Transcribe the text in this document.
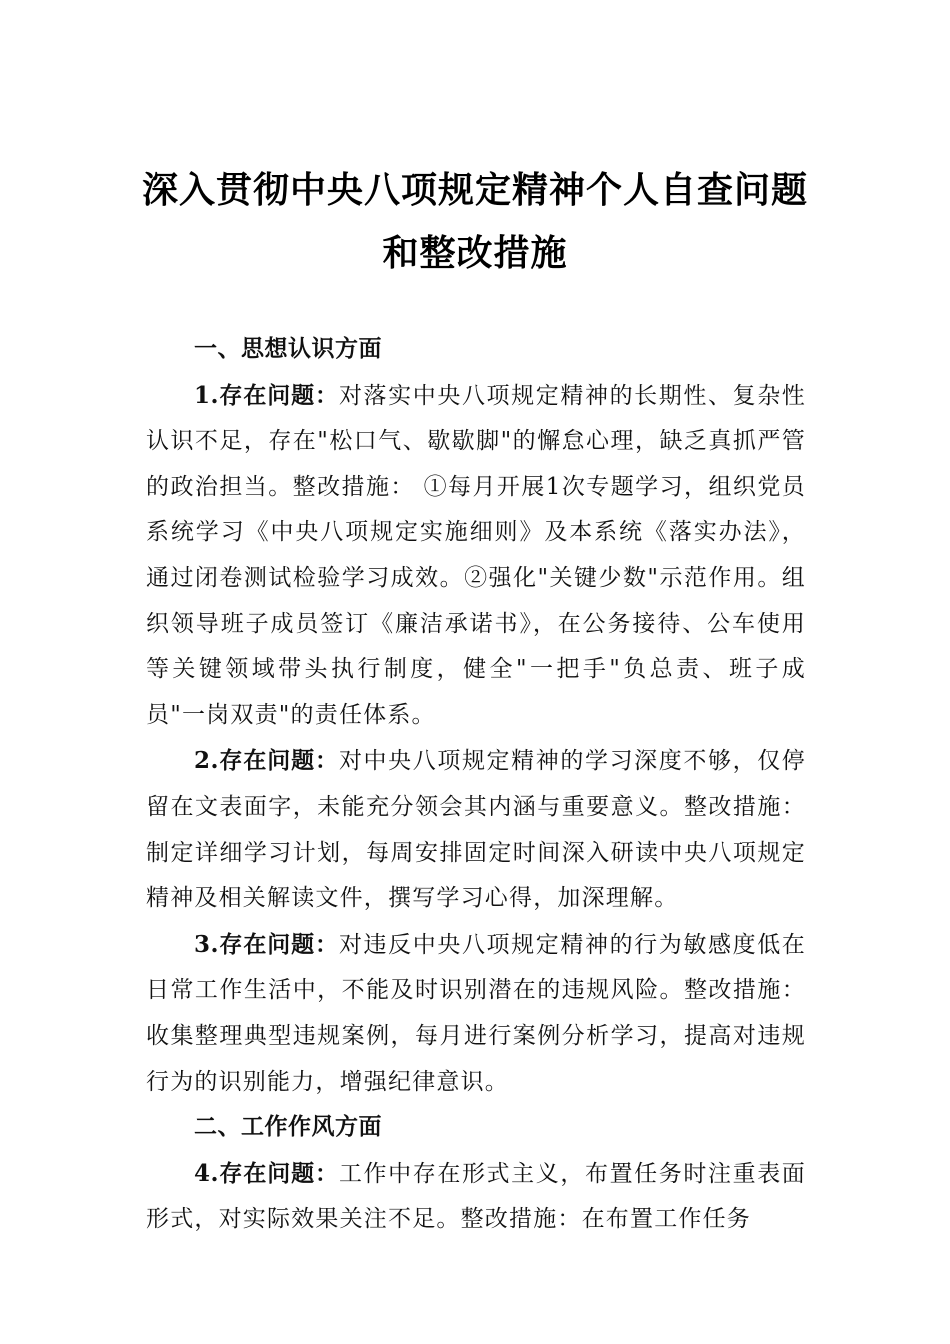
深入贯彻中央八项规定精神个人自查问题
和整改措施

一、思想认识方面

1.存在问题：对落实中央八项规定精神的长期性、复杂性认识不足，存在"松口气、歇歇脚"的懈怠心理，缺乏真抓严管的政治担当。整改措施： ①每月开展1次专题学习，组织党员系统学习《中央八项规定实施细则》及本系统《落实办法》，通过闭卷测试检验学习成效。②强化"关键少数"示范作用。组织领导班子成员签订《廉洁承诺书》，在公务接待、公车使用等关键领域带头执行制度，健全"一把手"负总责、班子成员"一岗双责"的责任体系。

2.存在问题：对中央八项规定精神的学习深度不够，仅停留在文表面字，未能充分领会其内涵与重要意义。整改措施：制定详细学习计划，每周安排固定时间深入研读中央八项规定精神及相关解读文件，撰写学习心得，加深理解。

3.存在问题：对违反中央八项规定精神的行为敏感度低在日常工作生活中，不能及时识别潜在的违规风险。整改措施：收集整理典型违规案例，每月进行案例分析学习，提高对违规行为的识别能力，增强纪律意识。

二、工作作风方面

4.存在问题：工作中存在形式主义，布置任务时注重表面形式，对实际效果关注不足。整改措施：在布置工作任务
